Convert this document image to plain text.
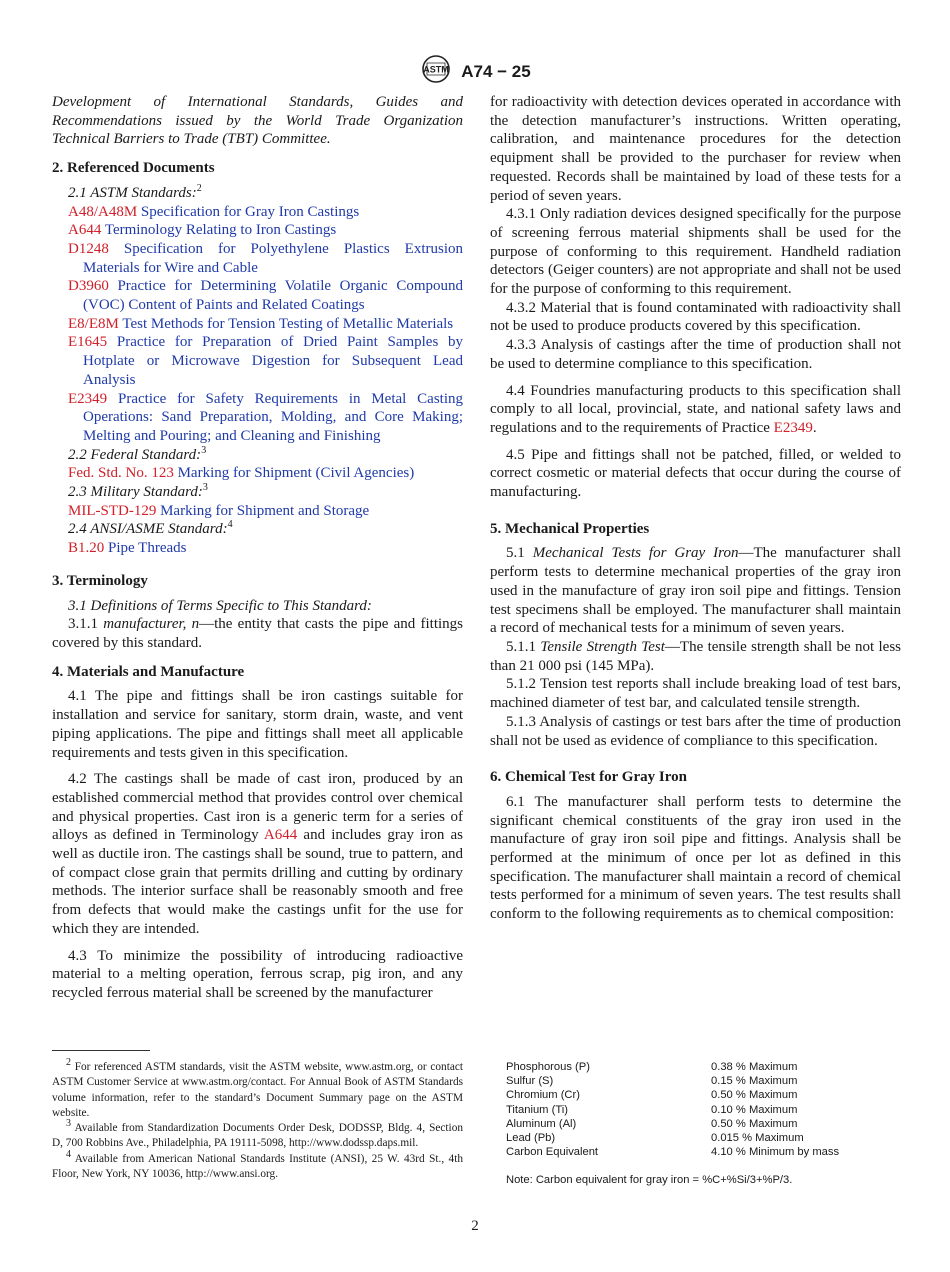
ASTM A74 − 25

Development of International Standards, Guides and Recommendations issued by the World Trade Organization Technical Barriers to Trade (TBT) Committee.

2. Referenced Documents

2.1 ASTM Standards:$^2$

A48/A48M Specification for Gray Iron Castings

A644 Terminology Relating to Iron Castings

D1248 Specification for Polyethylene Plastics Extrusion Materials for Wire and Cable

D3960 Practice for Determining Volatile Organic Compound (VOC) Content of Paints and Related Coatings

E8/E8M Test Methods for Tension Testing of Metallic Materials

E1645 Practice for Preparation of Dried Paint Samples by Hotplate or Microwave Digestion for Subsequent Lead Analysis

E2349 Practice for Safety Requirements in Metal Casting Operations: Sand Preparation, Molding, and Core Making; Melting and Pouring; and Cleaning and Finishing

2.2 Federal Standard:$^3$

Fed. Std. No. 123 Marking for Shipment (Civil Agencies)

2.3 Military Standard:$^3$

MIL-STD-129 Marking for Shipment and Storage

2.4 ANSI/ASME Standard:$^4$

B1.20 Pipe Threads

3. Terminology

3.1 Definitions of Terms Specific to This Standard:

3.1.1 manufacturer, n—the entity that casts the pipe and fittings covered by this standard.

4. Materials and Manufacture

4.1 The pipe and fittings shall be iron castings suitable for installation and service for sanitary, storm drain, waste, and vent piping applications. The pipe and fittings shall meet all applicable requirements and tests given in this specification.

4.2 The castings shall be made of cast iron, produced by an established commercial method that provides control over chemical and physical properties. Cast iron is a generic term for a series of alloys as defined in Terminology A644 and includes gray iron as well as ductile iron. The castings shall be sound, true to pattern, and of compact close grain that permits drilling and cutting by ordinary methods. The interior surface shall be reasonably smooth and free from defects that would make the castings unfit for the use for which they are intended.

4.3 To minimize the possibility of introducing radioactive material to a melting operation, ferrous scrap, pig iron, and any recycled ferrous material shall be screened by the manufacturer

$^2$ For referenced ASTM standards, visit the ASTM website, www.astm.org, or contact ASTM Customer Service at www.astm.org/contact. For Annual Book of ASTM Standards volume information, refer to the standard’s Document Summary page on the ASTM website.

$^3$ Available from Standardization Documents Order Desk, DODSSP, Bldg. 4, Section D, 700 Robbins Ave., Philadelphia, PA 19111-5098, http://www.dodssp.daps.mil.

$^4$ Available from American National Standards Institute (ANSI), 25 W. 43rd St., 4th Floor, New York, NY 10036, http://www.ansi.org.

for radioactivity with detection devices operated in accordance with the detection manufacturer’s instructions. Written operating, calibration, and maintenance procedures for the detection equipment shall be provided to the purchaser for review when requested. Records shall be maintained by load of these tests for a period of seven years.

4.3.1 Only radiation devices designed specifically for the purpose of screening ferrous material shipments shall be used for the purpose of conforming to this requirement. Handheld radiation detectors (Geiger counters) are not appropriate and shall not be used for the purpose of conforming to this requirement.

4.3.2 Material that is found contaminated with radioactivity shall not be used to produce products covered by this specification.

4.3.3 Analysis of castings after the time of production shall not be used to determine compliance to this specification.

4.4 Foundries manufacturing products to this specification shall comply to all local, provincial, state, and national safety laws and regulations and to the requirements of Practice E2349.

4.5 Pipe and fittings shall not be patched, filled, or welded to correct cosmetic or material defects that occur during the course of manufacturing.

5. Mechanical Properties

5.1 Mechanical Tests for Gray Iron—The manufacturer shall perform tests to determine mechanical properties of the gray iron used in the manufacture of gray iron soil pipe and fittings. Tension test specimens shall be employed. The manufacturer shall maintain a record of mechanical tests for a minimum of seven years.

5.1.1 Tensile Strength Test—The tensile strength shall be not less than 21 000 psi (145 MPa).

5.1.2 Tension test reports shall include breaking load of test bars, machined diameter of test bar, and calculated tensile strength.

5.1.3 Analysis of castings or test bars after the time of production shall not be used as evidence of compliance to this specification.

6. Chemical Test for Gray Iron

6.1 The manufacturer shall perform tests to determine the significant chemical constituents of the gray iron used in the manufacture of gray iron soil pipe and fittings. Analysis shall be performed at the minimum of once per lot as defined in this specification. The manufacturer shall maintain a record of chemical tests performed for a minimum of seven years. The test results shall conform to the following requirements as to chemical composition:

Phosphorous (P)	0.38 % Maximum
Sulfur (S)	0.15 % Maximum
Chromium (Cr)	0.50 % Maximum
Titanium (Ti)	0.10 % Maximum
Aluminum (Al)	0.50 % Maximum
Lead (Pb)	0.015 % Maximum
Carbon Equivalent	4.10 % Minimum by mass
Note: Carbon equivalent for gray iron = %C+%Si/3+%P/3.
2
